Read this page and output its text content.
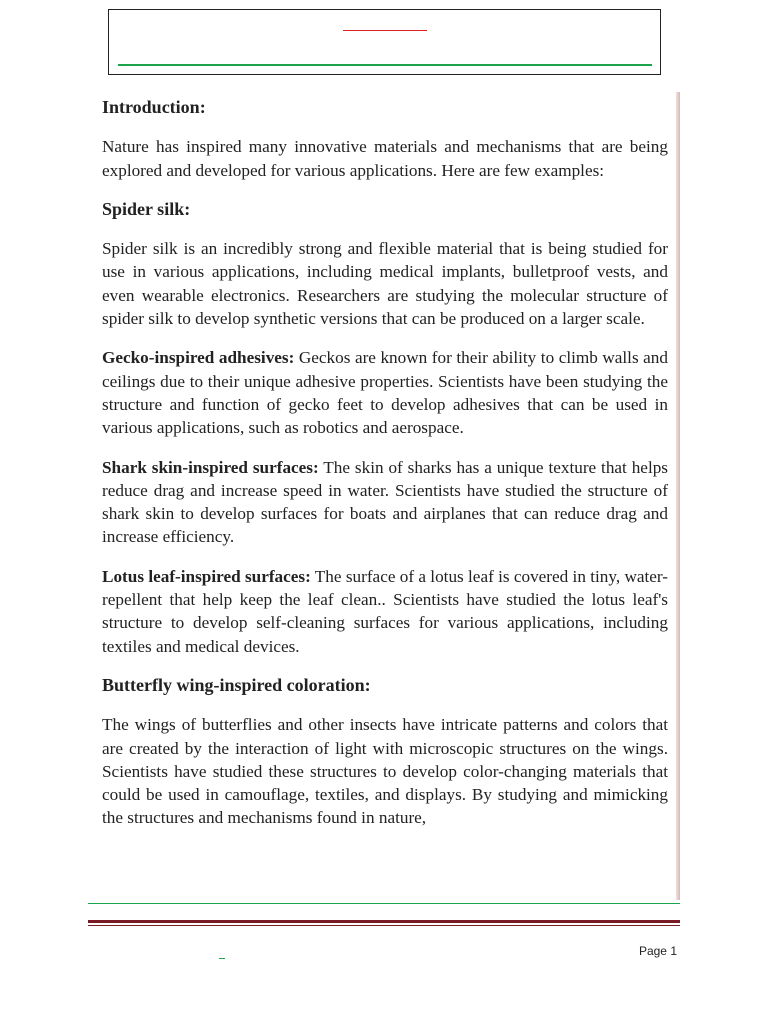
Introduction:

Nature has inspired many innovative materials and mechanisms that are being explored and developed for various applications. Here are few examples:

Spider silk:

Spider silk is an incredibly strong and flexible material that is being studied for use in various applications, including medical implants, bulletproof vests, and even wearable electronics. Researchers are studying the molecular structure of spider silk to develop synthetic versions that can be produced on a larger scale.

Gecko-inspired adhesives: Geckos are known for their ability to climb walls and ceilings due to their unique adhesive properties. Scientists have been studying the structure and function of gecko feet to develop adhesives that can be used in various applications, such as robotics and aerospace.

Shark skin-inspired surfaces: The skin of sharks has a unique texture that helps reduce drag and increase speed in water. Scientists have studied the structure of shark skin to develop surfaces for boats and airplanes that can reduce drag and increase efficiency.

Lotus leaf-inspired surfaces: The surface of a lotus leaf is covered in tiny, water-repellent that help keep the leaf clean.. Scientists have studied the lotus leaf's structure to develop self-cleaning surfaces for various applications, including textiles and medical devices.

Butterfly wing-inspired coloration:

The wings of butterflies and other insects have intricate patterns and colors that are created by the interaction of light with microscopic structures on the wings. Scientists have studied these structures to develop color-changing materials that could be used in camouflage, textiles, and displays. By studying and mimicking the structures and mechanisms found in nature,

Page 1
